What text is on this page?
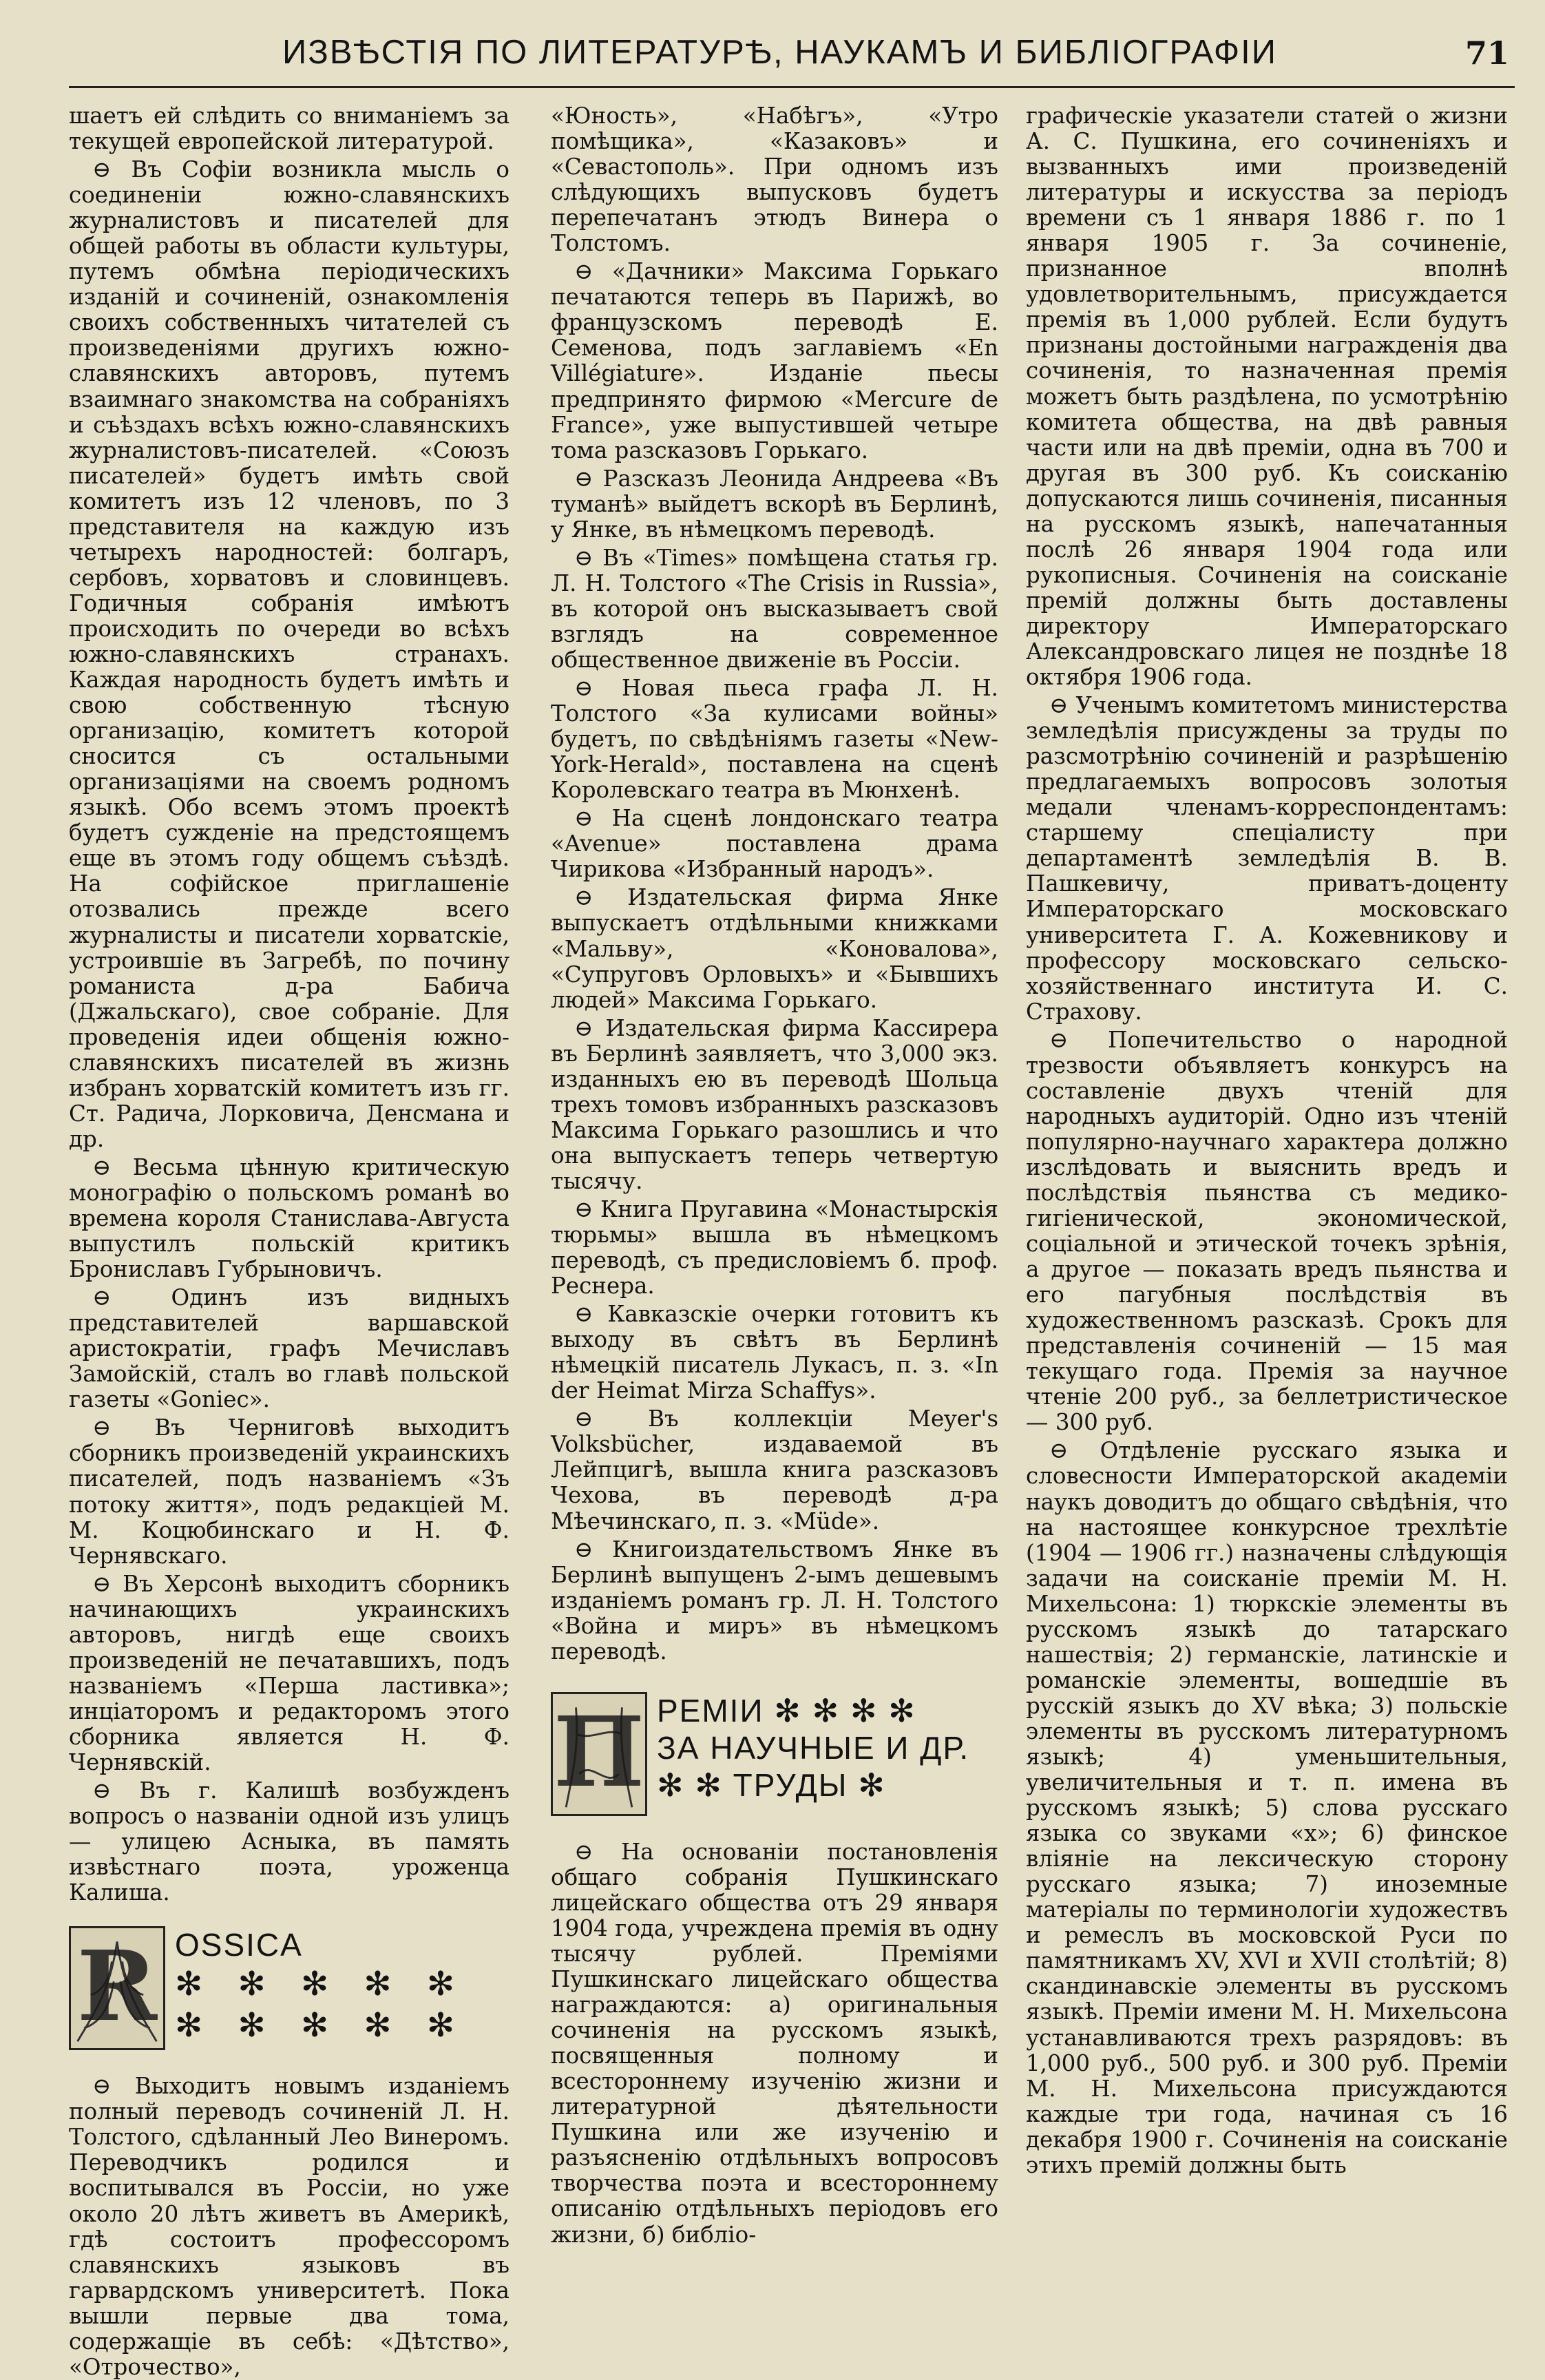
ИЗВѢСТІЯ ПО ЛИТЕРАТУРѢ, НАУКАМЪ И БИБЛІОГРАФІИ	71

шаетъ ей слѣдить со вниманіемъ за текущей европейской литературой.

⊖ Въ Софіи возникла мысль о соединеніи южно-славянскихъ журналистовъ и писателей для общей работы въ области культуры, путемъ обмѣна періодическихъ изданій и сочиненій, ознакомленія своихъ собственныхъ читателей съ произведеніями другихъ южно-славянскихъ авторовъ, путемъ взаимнаго знакомства на собраніяхъ и съѣздахъ всѣхъ южно-славянскихъ журналистовъ-писателей. «Союзъ писателей» будетъ имѣть свой комитетъ изъ 12 членовъ, по 3 представителя на каждую изъ четырехъ народностей: болгаръ, сербовъ, хорватовъ и словинцевъ. Годичныя собранія имѣютъ происходить по очереди во всѣхъ южно-славянскихъ странахъ. Каждая народность будетъ имѣть и свою собственную тѣсную организацію, комитетъ которой сносится съ остальными организаціями на своемъ родномъ языкѣ. Обо всемъ этомъ проектѣ будетъ сужденіе на предстоящемъ еще въ этомъ году общемъ съѣздѣ. На софійское приглашеніе отозвались прежде всего журналисты и писатели хорватскіе, устроившіе въ Загребѣ, по почину романиста д-ра Бабича (Джальскаго), свое собраніе. Для проведенія идеи общенія южно-славянскихъ писателей въ жизнь избранъ хорватскій комитетъ изъ гг. Ст. Радича, Лорковича, Денсмана и др.

⊖ Весьма цѣнную критическую монографію о польскомъ романѣ во времена короля Станислава-Августа выпустилъ польскій критикъ Брониславъ Губрыновичъ.

⊖ Одинъ изъ видныхъ представителей варшавской аристократіи, графъ Мечиславъ Замойскій, сталъ во главѣ польской газеты «Goniec».

⊖ Въ Черниговѣ выходитъ сборникъ произведеній украинскихъ писателей, подъ названіемъ «Зъ потоку життя», подъ редакціей М. М. Коцюбинскаго и Н. Ф. Чернявскаго.

⊖ Въ Херсонѣ выходитъ сборникъ начинающихъ украинскихъ авторовъ, нигдѣ еще своихъ произведеній не печатавшихъ, подъ названіемъ «Перша ластивка»; инціаторомъ и редакторомъ этого сборника является Н. Ф. Чернявскій.

⊖ Въ г. Калишѣ возбужденъ вопросъ о названіи одной изъ улицъ — улицею Асныка, въ память извѣстнаго поэта, уроженца Калиша.

R OSSICA
✻ ✻ ✻ ✻ ✻
✻ ✻ ✻ ✻ ✻

⊖ Выходитъ новымъ изданіемъ полный переводъ сочиненій Л. Н. Толстого, сдѣланный Лео Винеромъ. Переводчикъ родился и воспитывался въ Россіи, но уже около 20 лѣтъ живетъ въ Америкѣ, гдѣ состоитъ профессоромъ славянскихъ языковъ въ гарвардскомъ университетѣ. Пока вышли первые два тома, содержащіе въ себѣ: «Дѣтство», «Отрочество»,

«Юность», «Набѣгъ», «Утро помѣщика», «Казаковъ» и «Севастополь». При одномъ изъ слѣдующихъ выпусковъ будетъ перепечатанъ этюдъ Винера о Толстомъ.

⊖ «Дачники» Максима Горькаго печатаются теперь въ Парижѣ, во французскомъ переводѣ Е. Семенова, подъ заглавіемъ «En Villégiature». Изданіе пьесы предпринято фирмою «Mercure de France», уже выпустившей четыре тома разсказовъ Горькаго.

⊖ Разсказъ Леонида Андреева «Въ туманѣ» выйдетъ вскорѣ въ Берлинѣ, у Янке, въ нѣмецкомъ переводѣ.

⊖ Въ «Times» помѣщена статья гр. Л. Н. Толстого «The Crisis in Russia», въ которой онъ высказываетъ свой взглядъ на современное общественное движеніе въ Россіи.

⊖ Новая пьеса графа Л. Н. Толстого «За кулисами войны» будетъ, по свѣдѣніямъ газеты «New-York-Herald», поставлена на сценѣ Королевскаго театра въ Мюнхенѣ.

⊖ На сценѣ лондонскаго театра «Avenue» поставлена драма Чирикова «Избранный народъ».

⊖ Издательская фирма Янке выпускаетъ отдѣльными книжками «Мальву», «Коновалова», «Супруговъ Орловыхъ» и «Бывшихъ людей» Максима Горькаго.

⊖ Издательская фирма Кассирера въ Берлинѣ заявляетъ, что 3,000 экз. изданныхъ ею въ переводѣ Шольца трехъ томовъ избранныхъ разсказовъ Максима Горькаго разошлись и что она выпускаетъ теперь четвертую тысячу.

⊖ Книга Пругавина «Монастырскія тюрьмы» вышла въ нѣмецкомъ переводѣ, съ предисловіемъ б. проф. Реснера.

⊖ Кавказскіе очерки готовитъ къ выходу въ свѣтъ въ Берлинѣ нѣмецкій писатель Лукасъ, п. з. «In der Heimat Mirza Schaffys».

⊖ Въ коллекціи Meyer's Volksbücher, издаваемой въ Лейпцигѣ, вышла книга разсказовъ Чехова, въ переводѣ д-ра Мѣечинскаго, п. з. «Müde».

⊖ Книгоиздательствомъ Янке въ Берлинѣ выпущенъ 2-ымъ дешевымъ изданіемъ романъ гр. Л. Н. Толстого «Война и миръ» въ нѣмецкомъ переводѣ.

П РЕМІИ ✻ ✻ ✻ ✻
ЗА НАУЧНЫЕ И ДР.
✻ ✻ ТРУДЫ ✻

⊖ На основаніи постановленія общаго собранія Пушкинскаго лицейскаго общества отъ 29 января 1904 года, учреждена премія въ одну тысячу рублей. Преміями Пушкинскаго лицейскаго общества награждаются: а) оригинальныя сочиненія на русскомъ языкѣ, посвященныя полному и всестороннему изученію жизни и литературной дѣятельности Пушкина или же изученію и разъясненію отдѣльныхъ вопросовъ творчества поэта и всестороннему описанію отдѣльныхъ періодовъ его жизни, б) библіо-

графическіе указатели статей о жизни А. С. Пушкина, его сочиненіяхъ и вызванныхъ ими произведеній литературы и искусства за періодъ времени съ 1 января 1886 г. по 1 января 1905 г. За сочиненіе, признанное вполнѣ удовлетворительнымъ, присуждается премія въ 1,000 рублей. Если будутъ признаны достойными награжденія два сочиненія, то назначенная премія можетъ быть раздѣлена, по усмотрѣнію комитета общества, на двѣ равныя части или на двѣ преміи, одна въ 700 и другая въ 300 руб. Къ соисканію допускаются лишь сочиненія, писанныя на русскомъ языкѣ, напечатанныя послѣ 26 января 1904 года или рукописныя. Сочиненія на соисканіе премій должны быть доставлены директору Императорскаго Александровскаго лицея не позднѣе 18 октября 1906 года.

⊖ Ученымъ комитетомъ министерства земледѣлія присуждены за труды по разсмотрѣнію сочиненій и разрѣшенію предлагаемыхъ вопросовъ золотыя медали членамъ-корреспондентамъ: старшему спеціалисту при департаментѣ земледѣлія В. В. Пашкевичу, приватъ-доценту Императорскаго московскаго университета Г. А. Кожевникову и профессору московскаго сельско-хозяйственнаго института И. С. Страхову.

⊖ Попечительство о народной трезвости объявляетъ конкурсъ на составленіе двухъ чтеній для народныхъ аудиторій. Одно изъ чтеній популярно-научнаго характера должно изслѣдовать и выяснить вредъ и послѣдствія пьянства съ медико-гигіенической, экономической, соціальной и этической точекъ зрѣнія, а другое — показать вредъ пьянства и его пагубныя послѣдствія въ художественномъ разсказѣ. Срокъ для представленія сочиненій — 15 мая текущаго года. Премія за научное чтеніе 200 руб., за беллетристическое — 300 руб.

⊖ Отдѣленіе русскаго языка и словесности Императорской академіи наукъ доводитъ до общаго свѣдѣнія, что на настоящее конкурсное трехлѣтіе (1904 — 1906 гг.) назначены слѣдующія задачи на соисканіе преміи М. Н. Михельсона: 1) тюркскіе элементы въ русскомъ языкѣ до татарскаго нашествія; 2) германскіе, латинскіе и романскіе элементы, вошедшіе въ русскій языкъ до XV вѣка; 3) польскіе элементы въ русскомъ литературномъ языкѣ; 4) уменьшительныя, увеличительныя и т. п. имена въ русскомъ языкѣ; 5) слова русскаго языка со звуками «х»; 6) финское вліяніе на лексическую сторону русскаго языка; 7) иноземные матеріалы по терминологіи художествъ и ремеслъ въ московской Руси по памятникамъ XV, XVI и XVII столѣтій; 8) скандинавскіе элементы въ русскомъ языкѣ. Преміи имени М. Н. Михельсона устанавливаются трехъ разрядовъ: въ 1,000 руб., 500 руб. и 300 руб. Преміи М. Н. Михельсона присуждаются каждые три года, начиная съ 16 декабря 1900 г. Сочиненія на соисканіе этихъ премій должны быть
